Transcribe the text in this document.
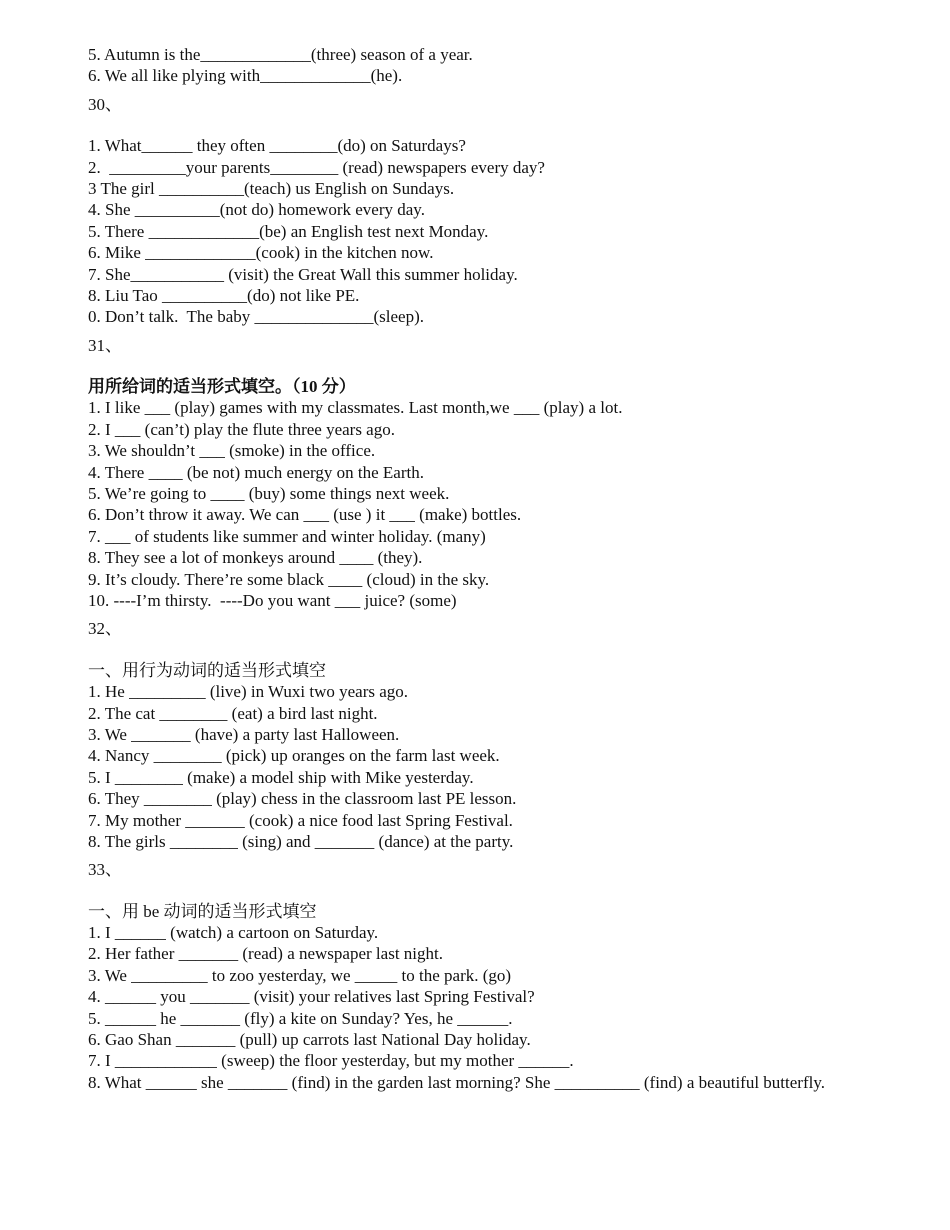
5. Autumn is the_____________(three) season of a year.

6. We all like plying with_____________(he).

30、

1. What______ they often ________(do) on Saturdays?

2.  _________your parents________ (read) newspapers every day?

3 The girl __________(teach) us English on Sundays.

4. She __________(not do) homework every day.

5. There _____________(be) an English test next Monday.

6. Mike _____________(cook) in the kitchen now.

7. She___________ (visit) the Great Wall this summer holiday.

8. Liu Tao __________(do) not like PE.

0. Don’t talk.  The baby ______________(sleep).

31、

用所给词的适当形式填空。（10 分）

1. I like ___ (play) games with my classmates. Last month,we ___ (play) a lot.

2. I ___ (can’t) play the flute three years ago.

3. We shouldn’t ___ (smoke) in the office.

4. There ____ (be not) much energy on the Earth.

5. We’re going to ____ (buy) some things next week.

6. Don’t throw it away. We can ___ (use ) it ___ (make) bottles.

7. ___ of students like summer and winter holiday. (many)

8. They see a lot of monkeys around ____ (they).

9. It’s cloudy. There’re some black ____ (cloud) in the sky.

10. ----I’m thirsty.  ----Do you want ___ juice? (some)

32、

一、用行为动词的适当形式填空

1. He _________ (live) in Wuxi two years ago.

2. The cat ________ (eat) a bird last night.

3. We _______ (have) a party last Halloween.

4. Nancy ________ (pick) up oranges on the farm last week.

5. I ________ (make) a model ship with Mike yesterday.

6. They ________ (play) chess in the classroom last PE lesson.

7. My mother _______ (cook) a nice food last Spring Festival.

8. The girls ________ (sing) and _______ (dance) at the party.

33、

一、用 be 动词的适当形式填空

1. I ______ (watch) a cartoon on Saturday.

2. Her father _______ (read) a newspaper last night.

3. We _________ to zoo yesterday, we _____ to the park. (go)

4. ______ you _______ (visit) your relatives last Spring Festival?

5. ______ he _______ (fly) a kite on Sunday? Yes, he ______.

6. Gao Shan _______ (pull) up carrots last National Day holiday.

7. I ____________ (sweep) the floor yesterday, but my mother ______.

8. What ______ she _______ (find) in the garden last morning? She __________ (find) a beautiful butterfly.
